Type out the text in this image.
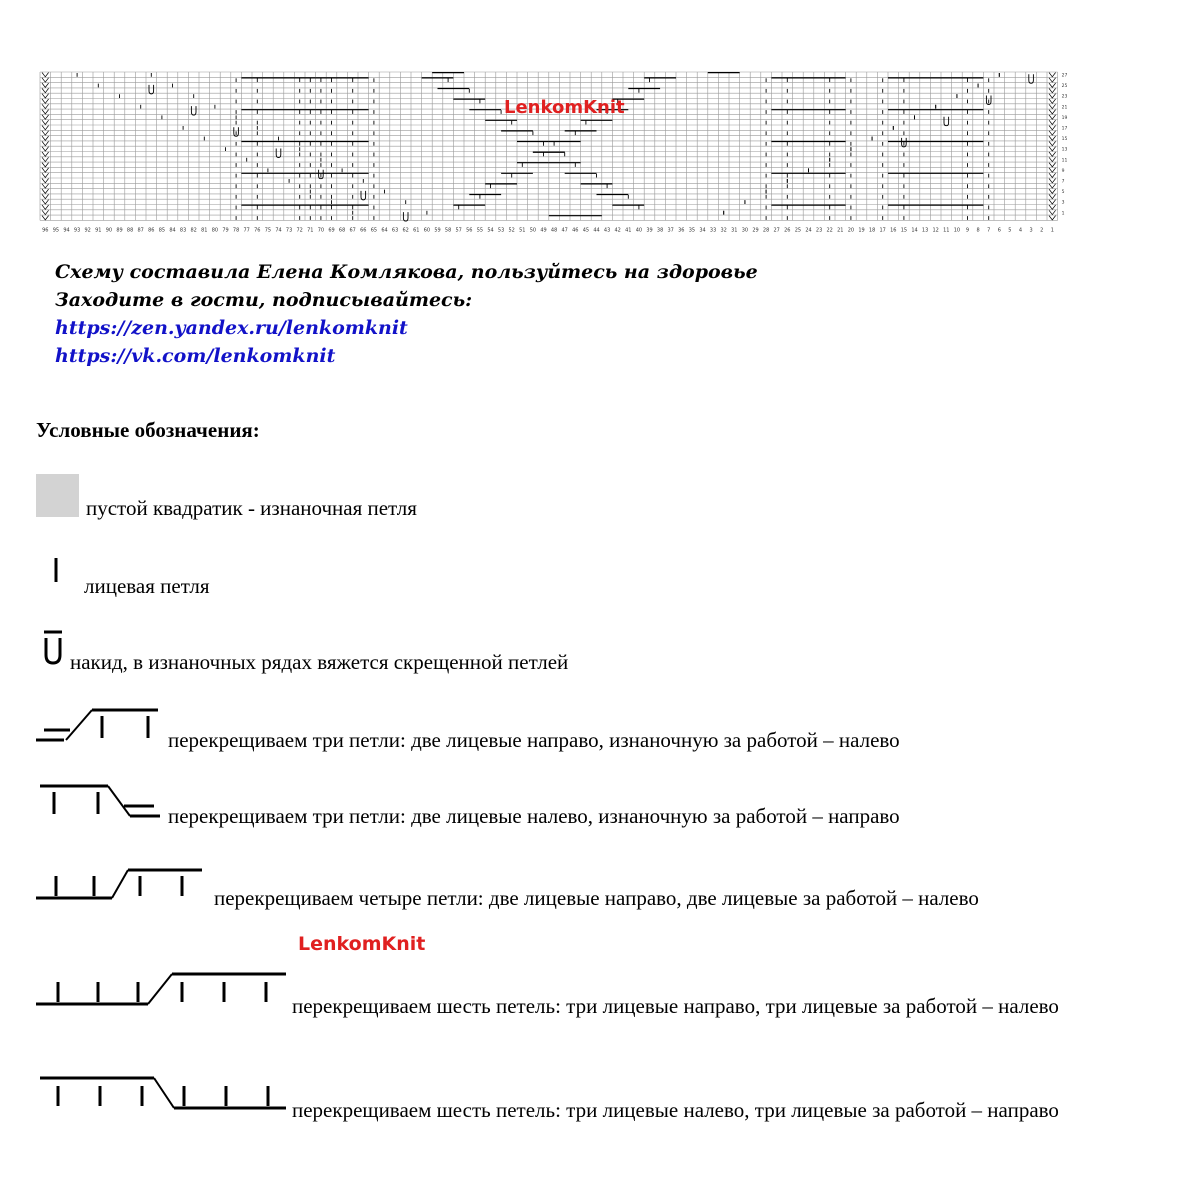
96 95 94 93 92 91 90 89 88 87 86 85 84 83 82 81 80 79 78 77 76 75 74 73 72 71 70 69 68 67 66 65 64 63 62 61 60 59 58 57 56 55 54 53 52 51 50 49 48 47 46 45 44 43 42 41 40 39 38 37 36 35 34 33 32 31 30 29 28 27 26 25 24 23 22 21 20 19 18 17 16 15 14 13 12 11 10 9 8 7 6 5 4 3 2 1
27
25
23
21
19
17
15
13
11
9
7
5
3
1
LenkomKnit
Схему составила Елена Комлякова, пользуйтесь на здоровье
Заходите в гости, подписывайтесь:
https://zen.yandex.ru/lenkomknit
https://vk.com/lenkomknit
Условные обозначения:
пустой квадратик - изнаночная петля
лицевая петля
накид, в изнаночных рядах вяжется скрещенной петлей
перекрещиваем три петли: две лицевые направо, изнаночную за работой – налево
перекрещиваем три петли: две лицевые налево, изнаночную за работой – направо
перекрещиваем четыре петли: две лицевые направо, две лицевые за работой – налево
LenkomKnit
перекрещиваем шесть петель: три лицевые направо, три лицевые за работой – налево
перекрещиваем шесть петель: три лицевые налево, три лицевые за работой – направо
